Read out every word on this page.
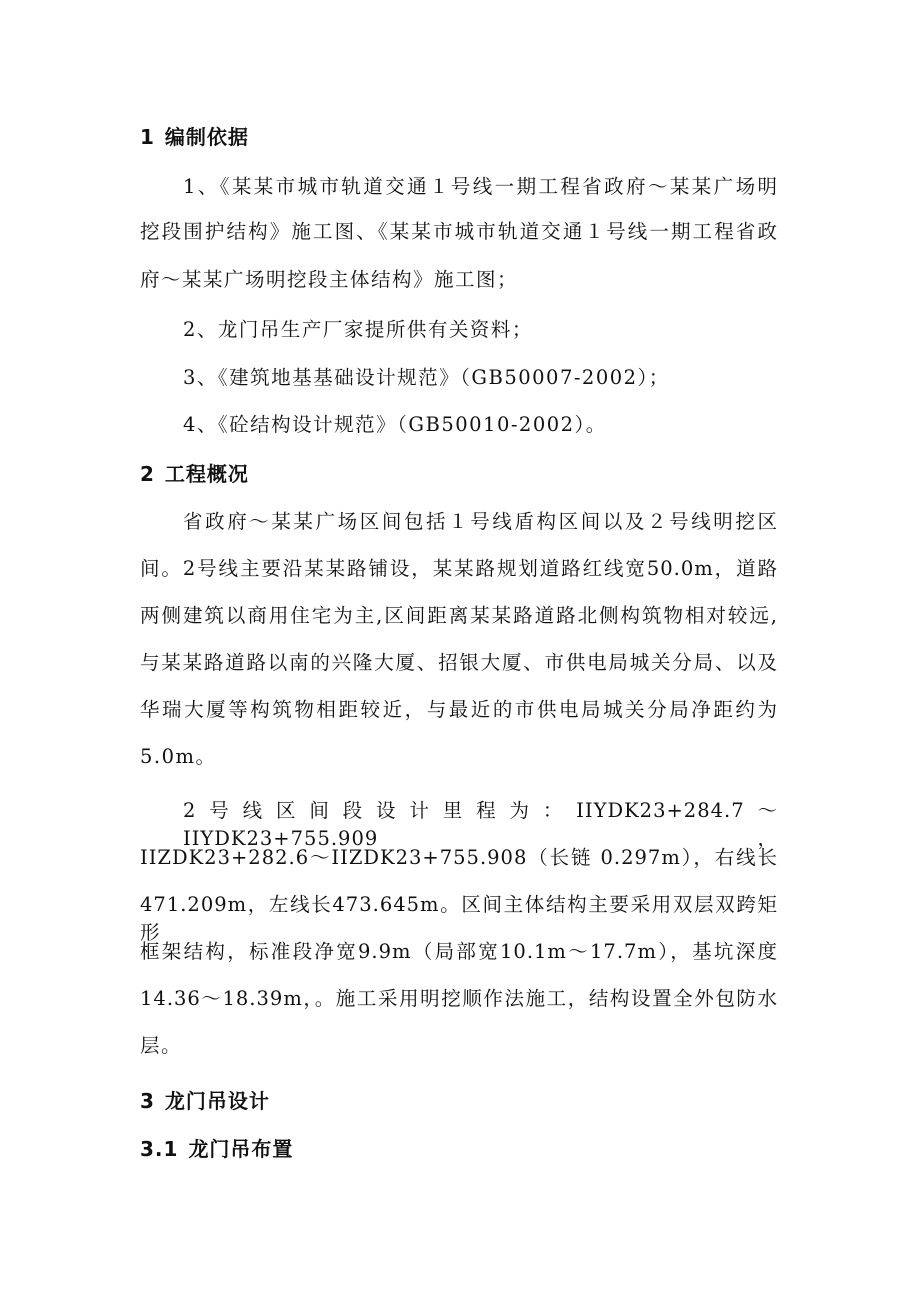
1 编制依据
1、《某某市城市轨道交通１号线一期工程省政府～某某广场明
挖段围护结构》施工图、《某某市城市轨道交通１号线一期工程省政
府～某某广场明挖段主体结构》施工图；
2、龙门吊生产厂家提所供有关资料；
3、《建筑地基基础设计规范》（GB50007-2002）；
4、《砼结构设计规范》（GB50010-2002）。
2 工程概况
省政府～某某广场区间包括１号线盾构区间以及２号线明挖区
间。2号线主要沿某某路铺设，某某路规划道路红线宽50.0m，道路
两侧建筑以商用住宅为主,区间距离某某路道路北侧构筑物相对较远,
与某某路道路以南的兴隆大厦、招银大厦、市供电局城关分局、以及
华瑞大厦等构筑物相距较近，与最近的市供电局城关分局净距约为
5.0m。
2号线区间段设计里程为：IIYDK23+284.7～IIYDK23+755.909，
IIZDK23+282.6～IIZDK23+755.908（长链 0.297m），右线长
471.209m，左线长473.645m。区间主体结构主要采用双层双跨矩形
框架结构，标准段净宽9.9m（局部宽10.1m～17.7m），基坑深度
14.36～18.39m，。施工采用明挖顺作法施工，结构设置全外包防水
层。
3 龙门吊设计
3.1 龙门吊布置
